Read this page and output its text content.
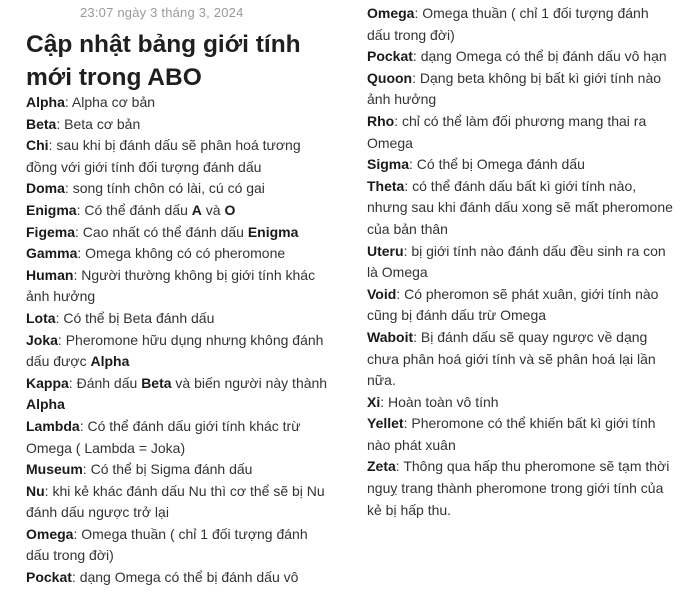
23:07 ngày 3 tháng 3, 2024
Cập nhật bảng giới tính mới trong ABO

Alpha: Alpha cơ bản

Beta: Beta cơ bản

Chi: sau khi bị đánh dấu sẽ phân hoá tương đồng với giới tính đối tượng đánh dấu

Doma: song tính chôn có lài, cú có gai

Enigma: Có thể đánh dấu A và O

Figema: Cao nhất có thể đánh dấu Enigma

Gamma: Omega không có có pheromone

Human: Người thường không bị giới tính khác ảnh hưởng

Lota: Có thể bị Beta đánh dấu

Joka: Pheromone hữu dụng nhưng không đánh dấu được Alpha

Kappa: Đánh dấu Beta và biến người này thành Alpha

Lambda: Có thể đánh dấu giới tính khác trừ Omega ( Lambda = Joka)

Museum: Có thể bị Sigma đánh dấu

Nu: khi kẻ khác đánh dấu Nu thì cơ thể sẽ bị Nu đánh dấu ngược trở lại

Omega: Omega thuần ( chỉ 1 đối tượng đánh dấu trong đời)

Pockat: dạng Omega có thể bị đánh dấu vô

Omega: Omega thuần ( chỉ 1 đối tượng đánh dấu trong đời)

Pockat: dạng Omega có thể bị đánh dấu vô hạn

Quoon: Dạng beta không bị bất kì giới tính nào ảnh hưởng

Rho: chỉ có thể làm đối phương mang thai ra Omega

Sigma: Có thể bị Omega đánh dấu

Theta: có thể đánh dấu bất kì giới tính nào, nhưng sau khi đánh dấu xong sẽ mất pheromone của bản thân

Uteru: bị giới tính nào đánh dấu đều sinh ra con là Omega

Void: Có pheromon sẽ phát xuân, giới tính nào cũng bị đánh dấu trừ Omega

Waboit: Bị đánh dấu sẽ quay ngược về dạng chưa phân hoá giới tính và sẽ phân hoá lại lần nữa.

Xi: Hoàn toàn vô tính

Yellet: Pheromone có thể khiến bất kì giới tính nào phát xuân

Zeta: Thông qua hấp thu pheromone sẽ tạm thời nguỵ trang thành pheromone trong giới tính của kẻ bị hấp thu.
